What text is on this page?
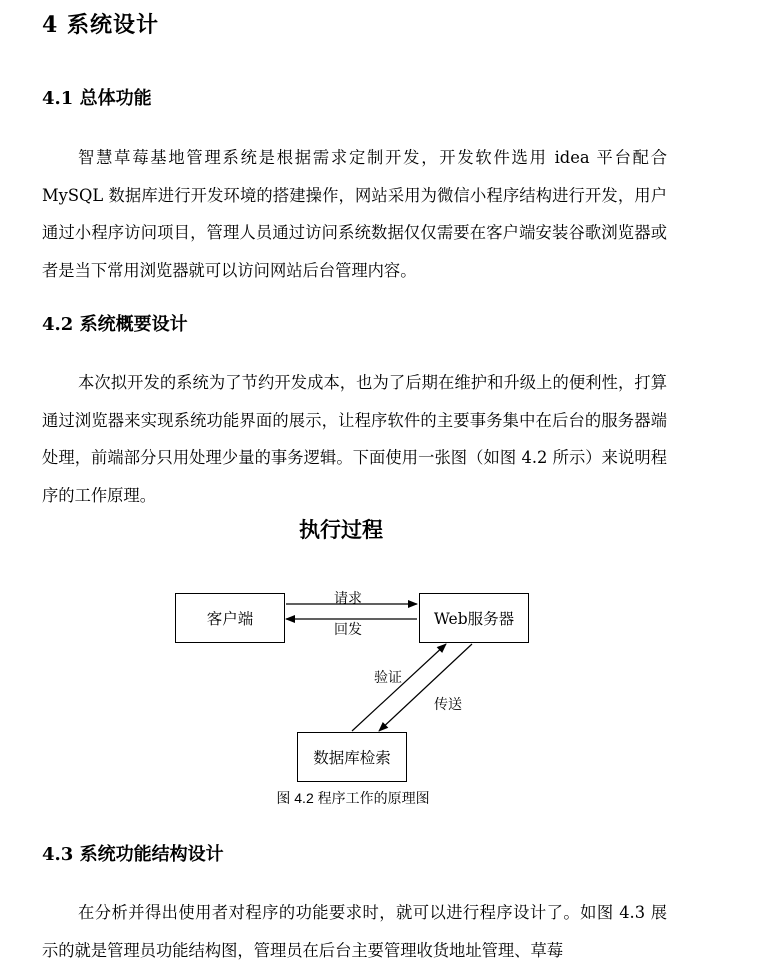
4 系统设计
4.1 总体功能

智慧草莓基地管理系统是根据需求定制开发，开发软件选用 idea 平台配合 MySQL 数据库进行开发环境的搭建操作，网站采用为微信小程序结构进行开发，用户通过小程序访问项目，管理人员通过访问系统数据仅仅需要在客户端安装谷歌浏览器或者是当下常用浏览器就可以访问网站后台管理内容。

4.2 系统概要设计

本次拟开发的系统为了节约开发成本，也为了后期在维护和升级上的便利性，打算通过浏览器来实现系统功能界面的展示，让程序软件的主要事务集中在后台的服务器端处理，前端部分只用处理少量的事务逻辑。下面使用一张图（如图 4.2 所示）来说明程序的工作原理。

执行过程
客户端	Web服务器
数据库检索
请求
回发
验证
传送
图 4.2 程序工作的原理图
4.3 系统功能结构设计

在分析并得出使用者对程序的功能要求时，就可以进行程序设计了。如图 4.3 展示的就是管理员功能结构图，管理员在后台主要管理收货地址管理、草莓
